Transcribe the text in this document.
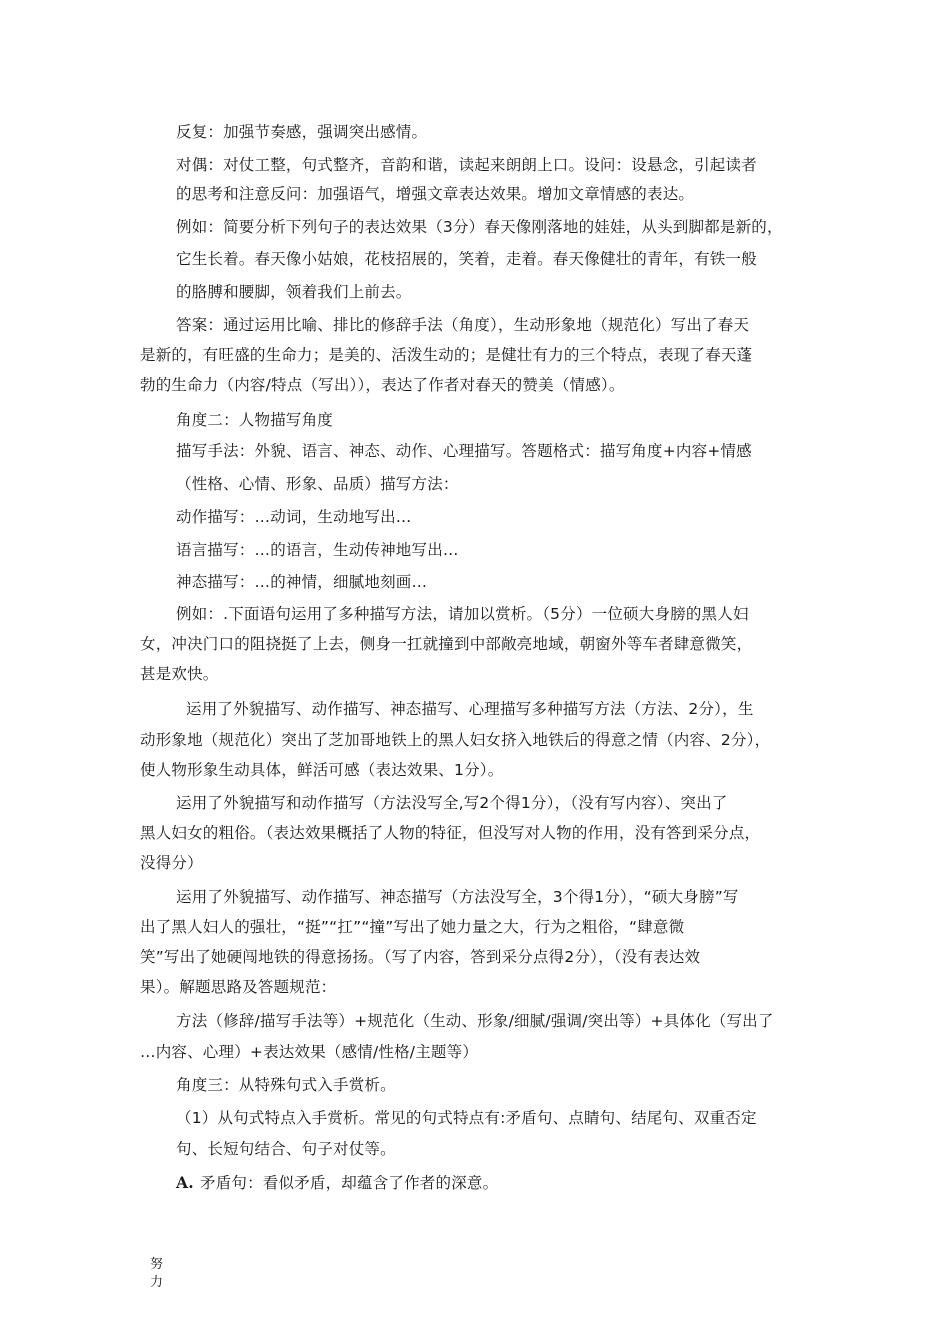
反复：加强节奏感，强调突出感情。
对偶：对仗工整，句式整齐，音韵和谐，读起来朗朗上口。设问：设悬念，引起读者
的思考和注意反问：加强语气，增强文章表达效果。增加文章情感的表达。
例如：简要分析下列句子的表达效果（3分）春天像刚落地的娃娃，从头到脚都是新的，
它生长着。春天像小姑娘，花枝招展的，笑着，走着。春天像健壮的青年，有铁一般
的胳膊和腰脚，领着我们上前去。
答案：通过运用比喻、排比的修辞手法（角度），生动形象地（规范化）写出了春天
是新的，有旺盛的生命力；是美的、活泼生动的；是健壮有力的三个特点，表现了春天蓬
勃的生命力（内容/特点（写出）），表达了作者对春天的赞美（情感）。
角度二：人物描写角度
描写手法：外貌、语言、神态、动作、心理描写。答题格式：描写角度+内容+情感
（性格、心情、形象、品质）描写方法：
动作描写：…动词，生动地写出…
语言描写：…的语言，生动传神地写出…
神态描写：…的神情，细腻地刻画…
例如：.下面语句运用了多种描写方法，请加以赏析。（5分）一位硕大身膀的黑人妇
女，冲决门口的阻挠挺了上去，侧身一扛就撞到中部敞亮地域，朝窗外等车者肆意微笑，
甚是欢快。
运用了外貌描写、动作描写、神态描写、心理描写多种描写方法（方法、2分），生
动形象地（规范化）突出了芝加哥地铁上的黑人妇女挤入地铁后的得意之情（内容、2分），
使人物形象生动具体，鲜活可感（表达效果、1分）。
运用了外貌描写和动作描写（方法没写全,写2个得1分），（没有写内容）、突出了
黑人妇女的粗俗。（表达效果概括了人物的特征，但没写对人物的作用，没有答到采分点，
没得分）
运用了外貌描写、动作描写、神态描写（方法没写全，3个得1分），“硕大身膀”写
出了黑人妇人的强壮，“挺”“扛”“撞”写出了她力量之大，行为之粗俗，“肆意微
笑”写出了她硬闯地铁的得意扬扬。（写了内容，答到采分点得2分），（没有表达效
果）。解题思路及答题规范：
方法（修辞/描写手法等）+规范化（生动、形象/细腻/强调/突出等）+具体化（写出了
…内容、心理）+表达效果（感情/性格/主题等）
角度三：从特殊句式入手赏析。
（1）从句式特点入手赏析。常见的句式特点有:矛盾句、点睛句、结尾句、双重否定
句、长短句结合、句子对仗等。
矛盾句：看似矛盾，却蕴含了作者的深意。
A.
努力
